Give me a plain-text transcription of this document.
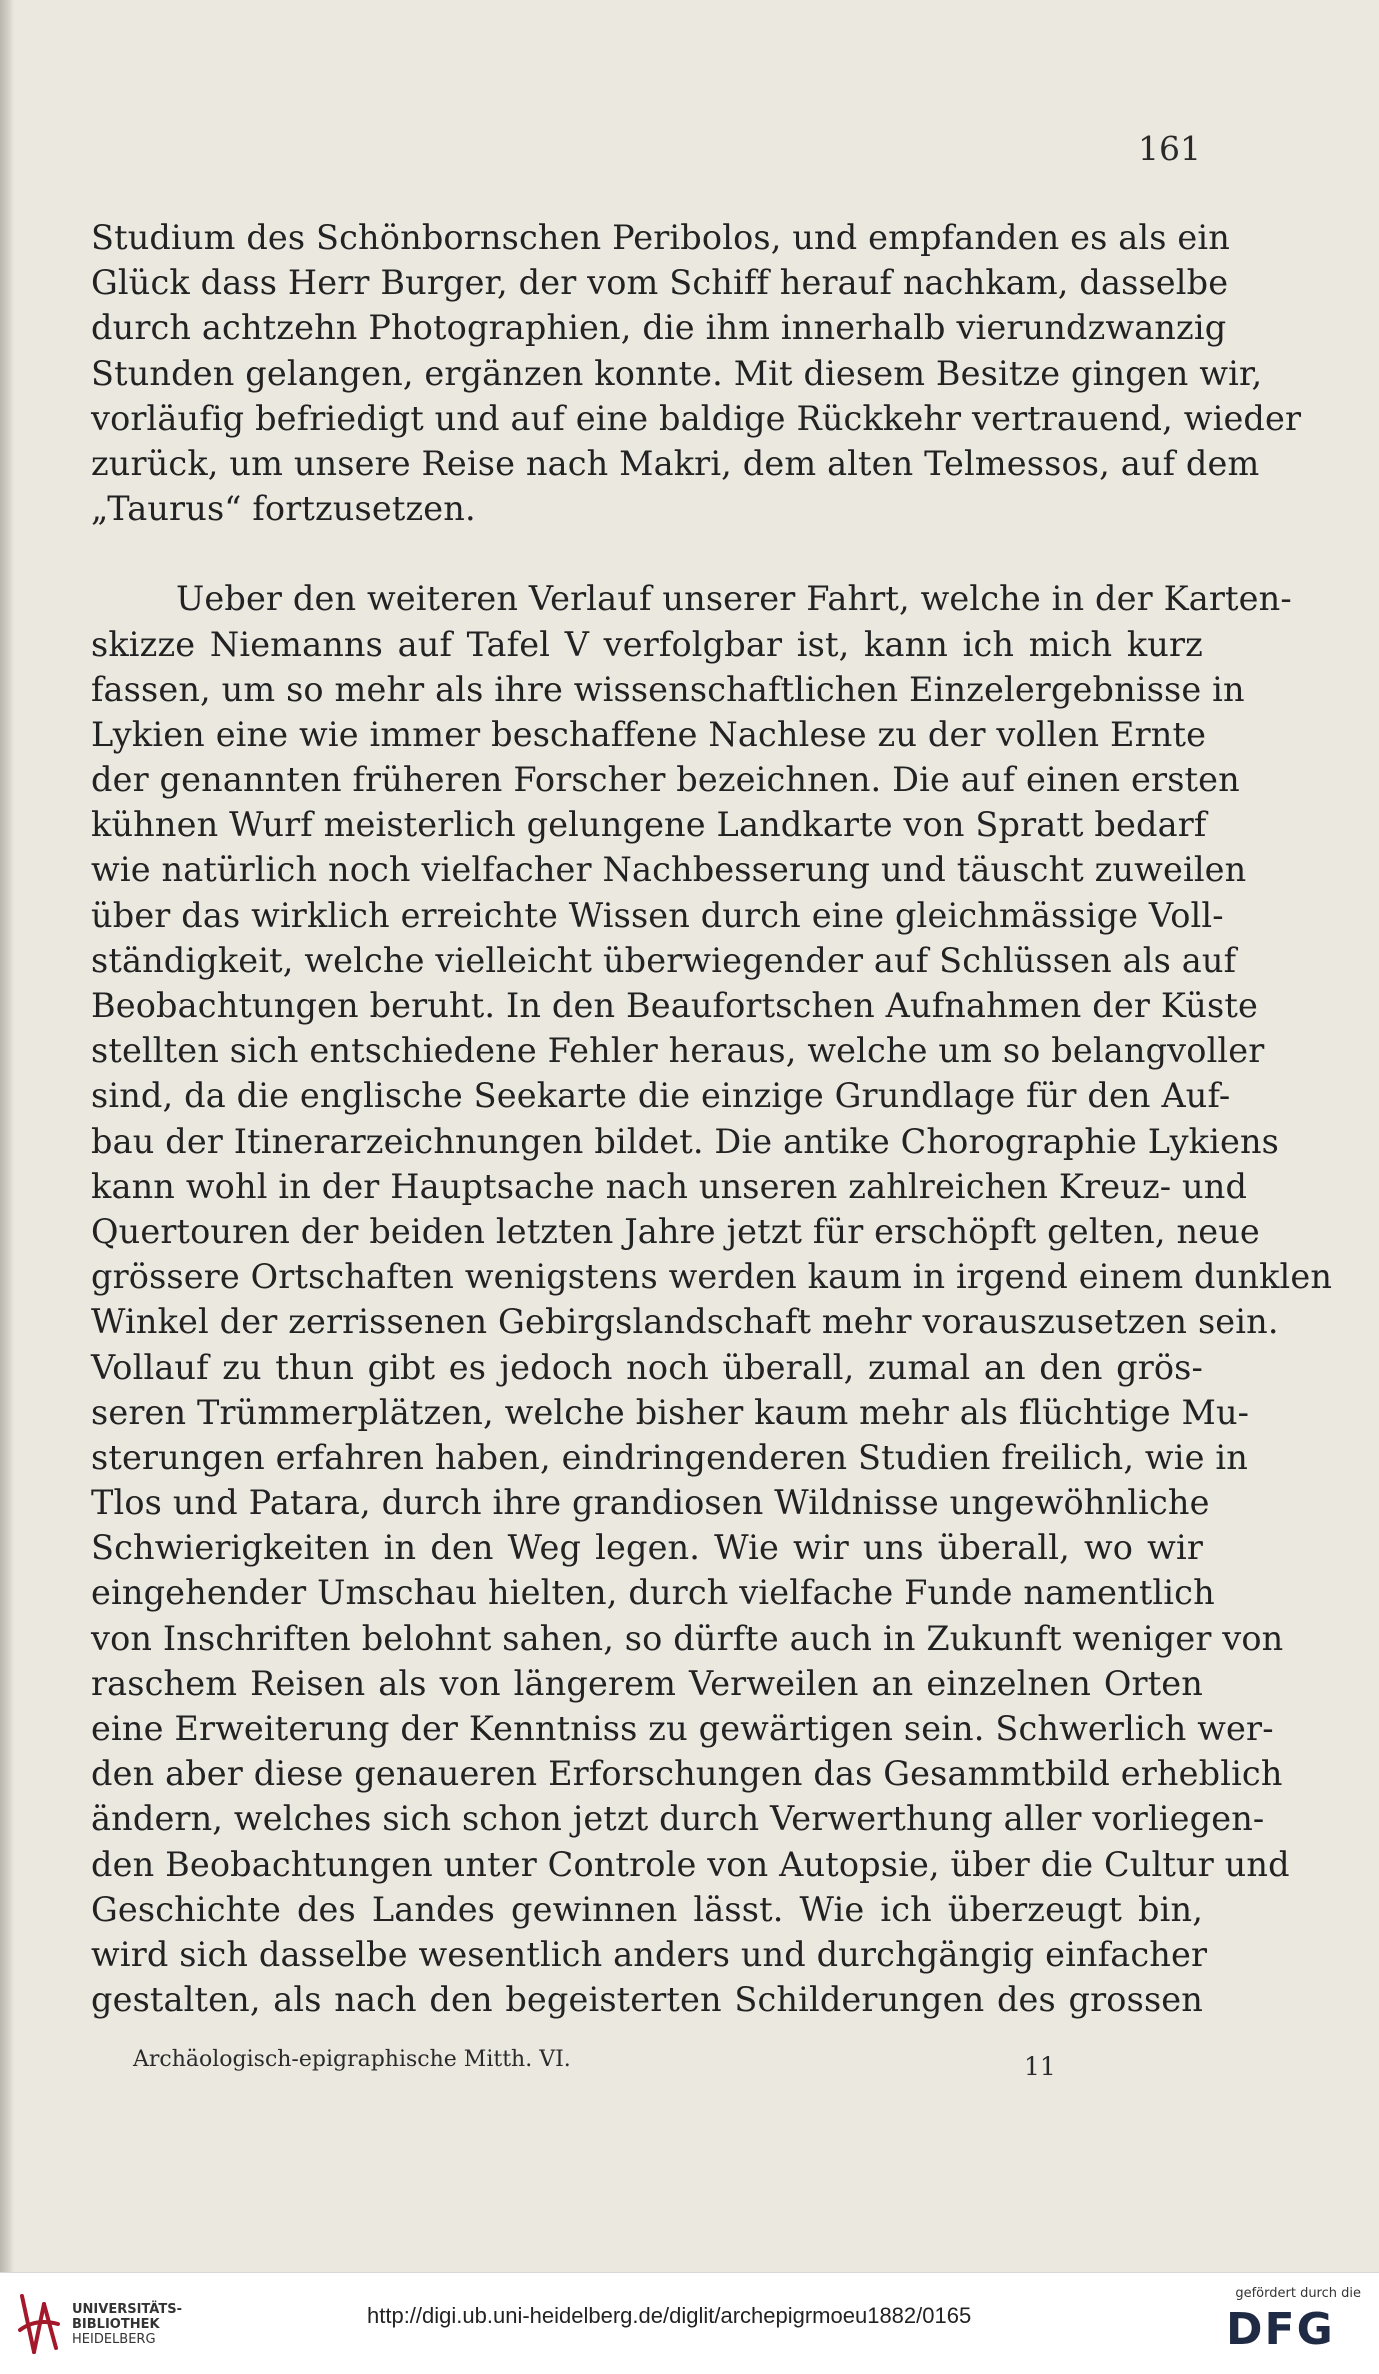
161
Studium des Schönbornschen Peribolos, und empfanden es als ein
Glück dass Herr Burger, der vom Schiff herauf nachkam, dasselbe
durch achtzehn Photographien, die ihm innerhalb vierundzwanzig
Stunden gelangen, ergänzen konnte. Mit diesem Besitze gingen wir,
vorläufig befriedigt und auf eine baldige Rückkehr vertrauend, wieder
zurück, um unsere Reise nach Makri, dem alten Telmessos, auf dem
„Taurus“ fortzusetzen.
Ueber den weiteren Verlauf unserer Fahrt, welche in der Karten-
skizze Niemanns auf Tafel V verfolgbar ist, kann ich mich kurz
fassen, um so mehr als ihre wissenschaftlichen Einzelergebnisse in
Lykien eine wie immer beschaffene Nachlese zu der vollen Ernte
der genannten früheren Forscher bezeichnen. Die auf einen ersten
kühnen Wurf meisterlich gelungene Landkarte von Spratt bedarf
wie natürlich noch vielfacher Nachbesserung und täuscht zuweilen
über das wirklich erreichte Wissen durch eine gleichmässige Voll-
ständigkeit, welche vielleicht überwiegender auf Schlüssen als auf
Beobachtungen beruht. In den Beaufortschen Aufnahmen der Küste
stellten sich entschiedene Fehler heraus, welche um so belangvoller
sind, da die englische Seekarte die einzige Grundlage für den Auf-
bau der Itinerarzeichnungen bildet. Die antike Chorographie Lykiens
kann wohl in der Hauptsache nach unseren zahlreichen Kreuz- und
Quertouren der beiden letzten Jahre jetzt für erschöpft gelten, neue
grössere Ortschaften wenigstens werden kaum in irgend einem dunklen
Winkel der zerrissenen Gebirgslandschaft mehr vorauszusetzen sein.
Vollauf zu thun gibt es jedoch noch überall, zumal an den grös-
seren Trümmerplätzen, welche bisher kaum mehr als flüchtige Mu-
sterungen erfahren haben, eindringenderen Studien freilich, wie in
Tlos und Patara, durch ihre grandiosen Wildnisse ungewöhnliche
Schwierigkeiten in den Weg legen. Wie wir uns überall, wo wir
eingehender Umschau hielten, durch vielfache Funde namentlich
von Inschriften belohnt sahen, so dürfte auch in Zukunft weniger von
raschem Reisen als von längerem Verweilen an einzelnen Orten
eine Erweiterung der Kenntniss zu gewärtigen sein. Schwerlich wer-
den aber diese genaueren Erforschungen das Gesammtbild erheblich
ändern, welches sich schon jetzt durch Verwerthung aller vorliegen-
den Beobachtungen unter Controle von Autopsie, über die Cultur und
Geschichte des Landes gewinnen lässt. Wie ich überzeugt bin,
wird sich dasselbe wesentlich anders und durchgängig einfacher
gestalten, als nach den begeisterten Schilderungen des grossen
Archäologisch-epigraphische Mitth. VI.	11
UNIVERSITÄTS-
BIBLIOTHEK
HEIDELBERG
http://digi.ub.uni-heidelberg.de/diglit/archepigrmoeu1882/0165
gefördert durch die
DFG
